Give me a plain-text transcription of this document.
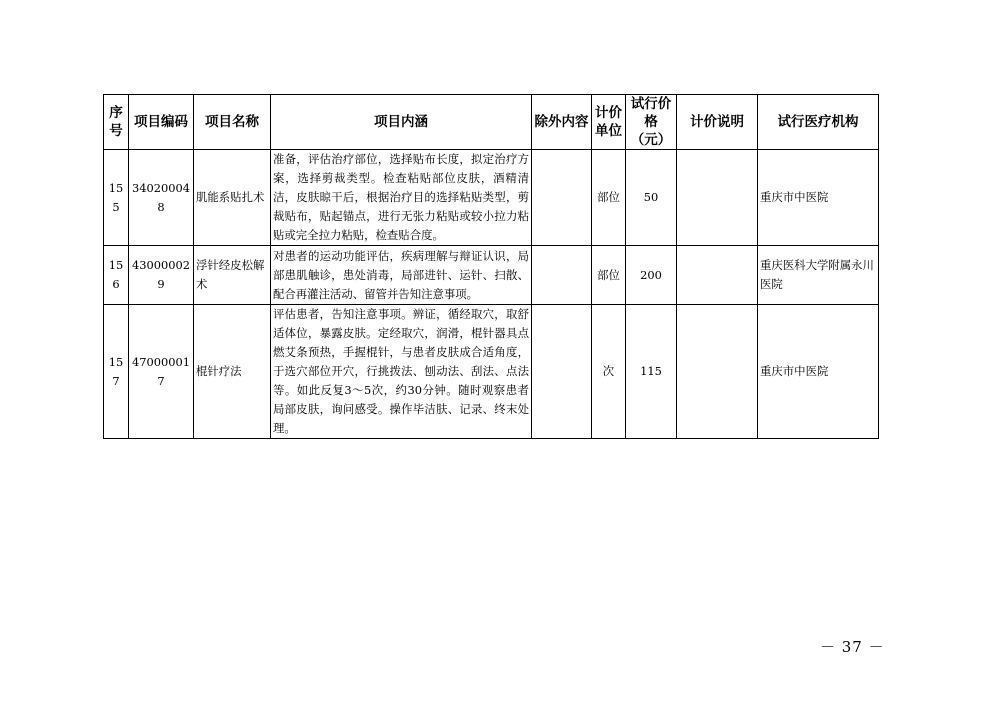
序号	项目编码	项目名称	项目内涵	除外内容	计价单位	试行价格（元）	计价说明	试行医疗机构
155	340200048	肌能系贴扎术	准备，评估治疗部位，选择贴布长度，拟定治疗方案，选择剪裁类型。检查粘贴部位皮肤，酒精清洁，皮肤晾干后，根据治疗目的选择粘贴类型，剪裁贴布，贴起锚点，进行无张力粘贴或较小拉力粘贴或完全拉力粘贴，检查贴合度。		部位	50		重庆市中医院
156	430000029	浮针经皮松解术	对患者的运动功能评估，疾病理解与辩证认识，局部患肌触诊，患处消毒，局部进针、运针、扫散、配合再灌注活动、留管并告知注意事项。		部位	200		重庆医科大学附属永川医院
157	470000017	棍针疗法	评估患者，告知注意事项。辨证，循经取穴，取舒适体位，暴露皮肤。定经取穴，润滑，棍针器具点燃艾条预热，手握棍针，与患者皮肤成合适角度，于选穴部位开穴，行挑拨法、刨动法、刮法、点法等。如此反复3～5次，约30分钟。随时观察患者局部皮肤，询问感受。操作毕洁肤、记录、终末处理。		次	115		重庆市中医院
－ 37 －
